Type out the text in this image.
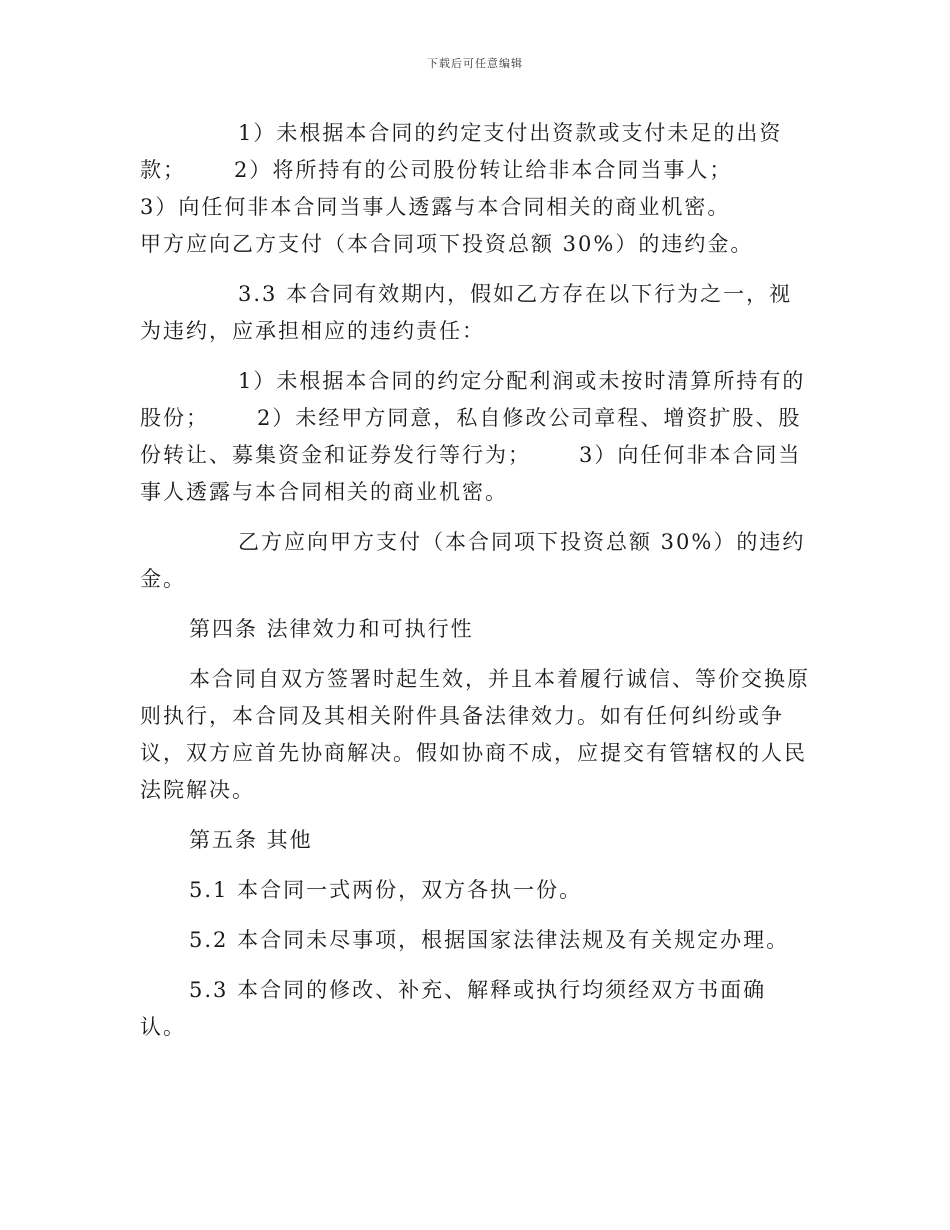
下载后可任意编辑

1）未根据本合同的约定支付出资款或支付未足的出资款； 2）将所持有的公司股份转让给非本合同当事人；
3）向任何非本合同当事人透露与本合同相关的商业机密。
甲方应向乙方支付（本合同项下投资总额 30%）的违约金。

3.3 本合同有效期内，假如乙方存在以下行为之一，视为违约，应承担相应的违约责任：

1）未根据本合同的约定分配利润或未按时清算所持有的股份； 2）未经甲方同意，私自修改公司章程、增资扩股、股份转让、募集资金和证券发行等行为； 3）向任何非本合同当事人透露与本合同相关的商业机密。

乙方应向甲方支付（本合同项下投资总额 30%）的违约金。

第四条 法律效力和可执行性

本合同自双方签署时起生效，并且本着履行诚信、等价交换原则执行，本合同及其相关附件具备法律效力。如有任何纠纷或争议，双方应首先协商解决。假如协商不成，应提交有管辖权的人民法院解决。

第五条 其他

5.1 本合同一式两份，双方各执一份。

5.2 本合同未尽事项，根据国家法律法规及有关规定办理。

5.3 本合同的修改、补充、解释或执行均须经双方书面确认。
